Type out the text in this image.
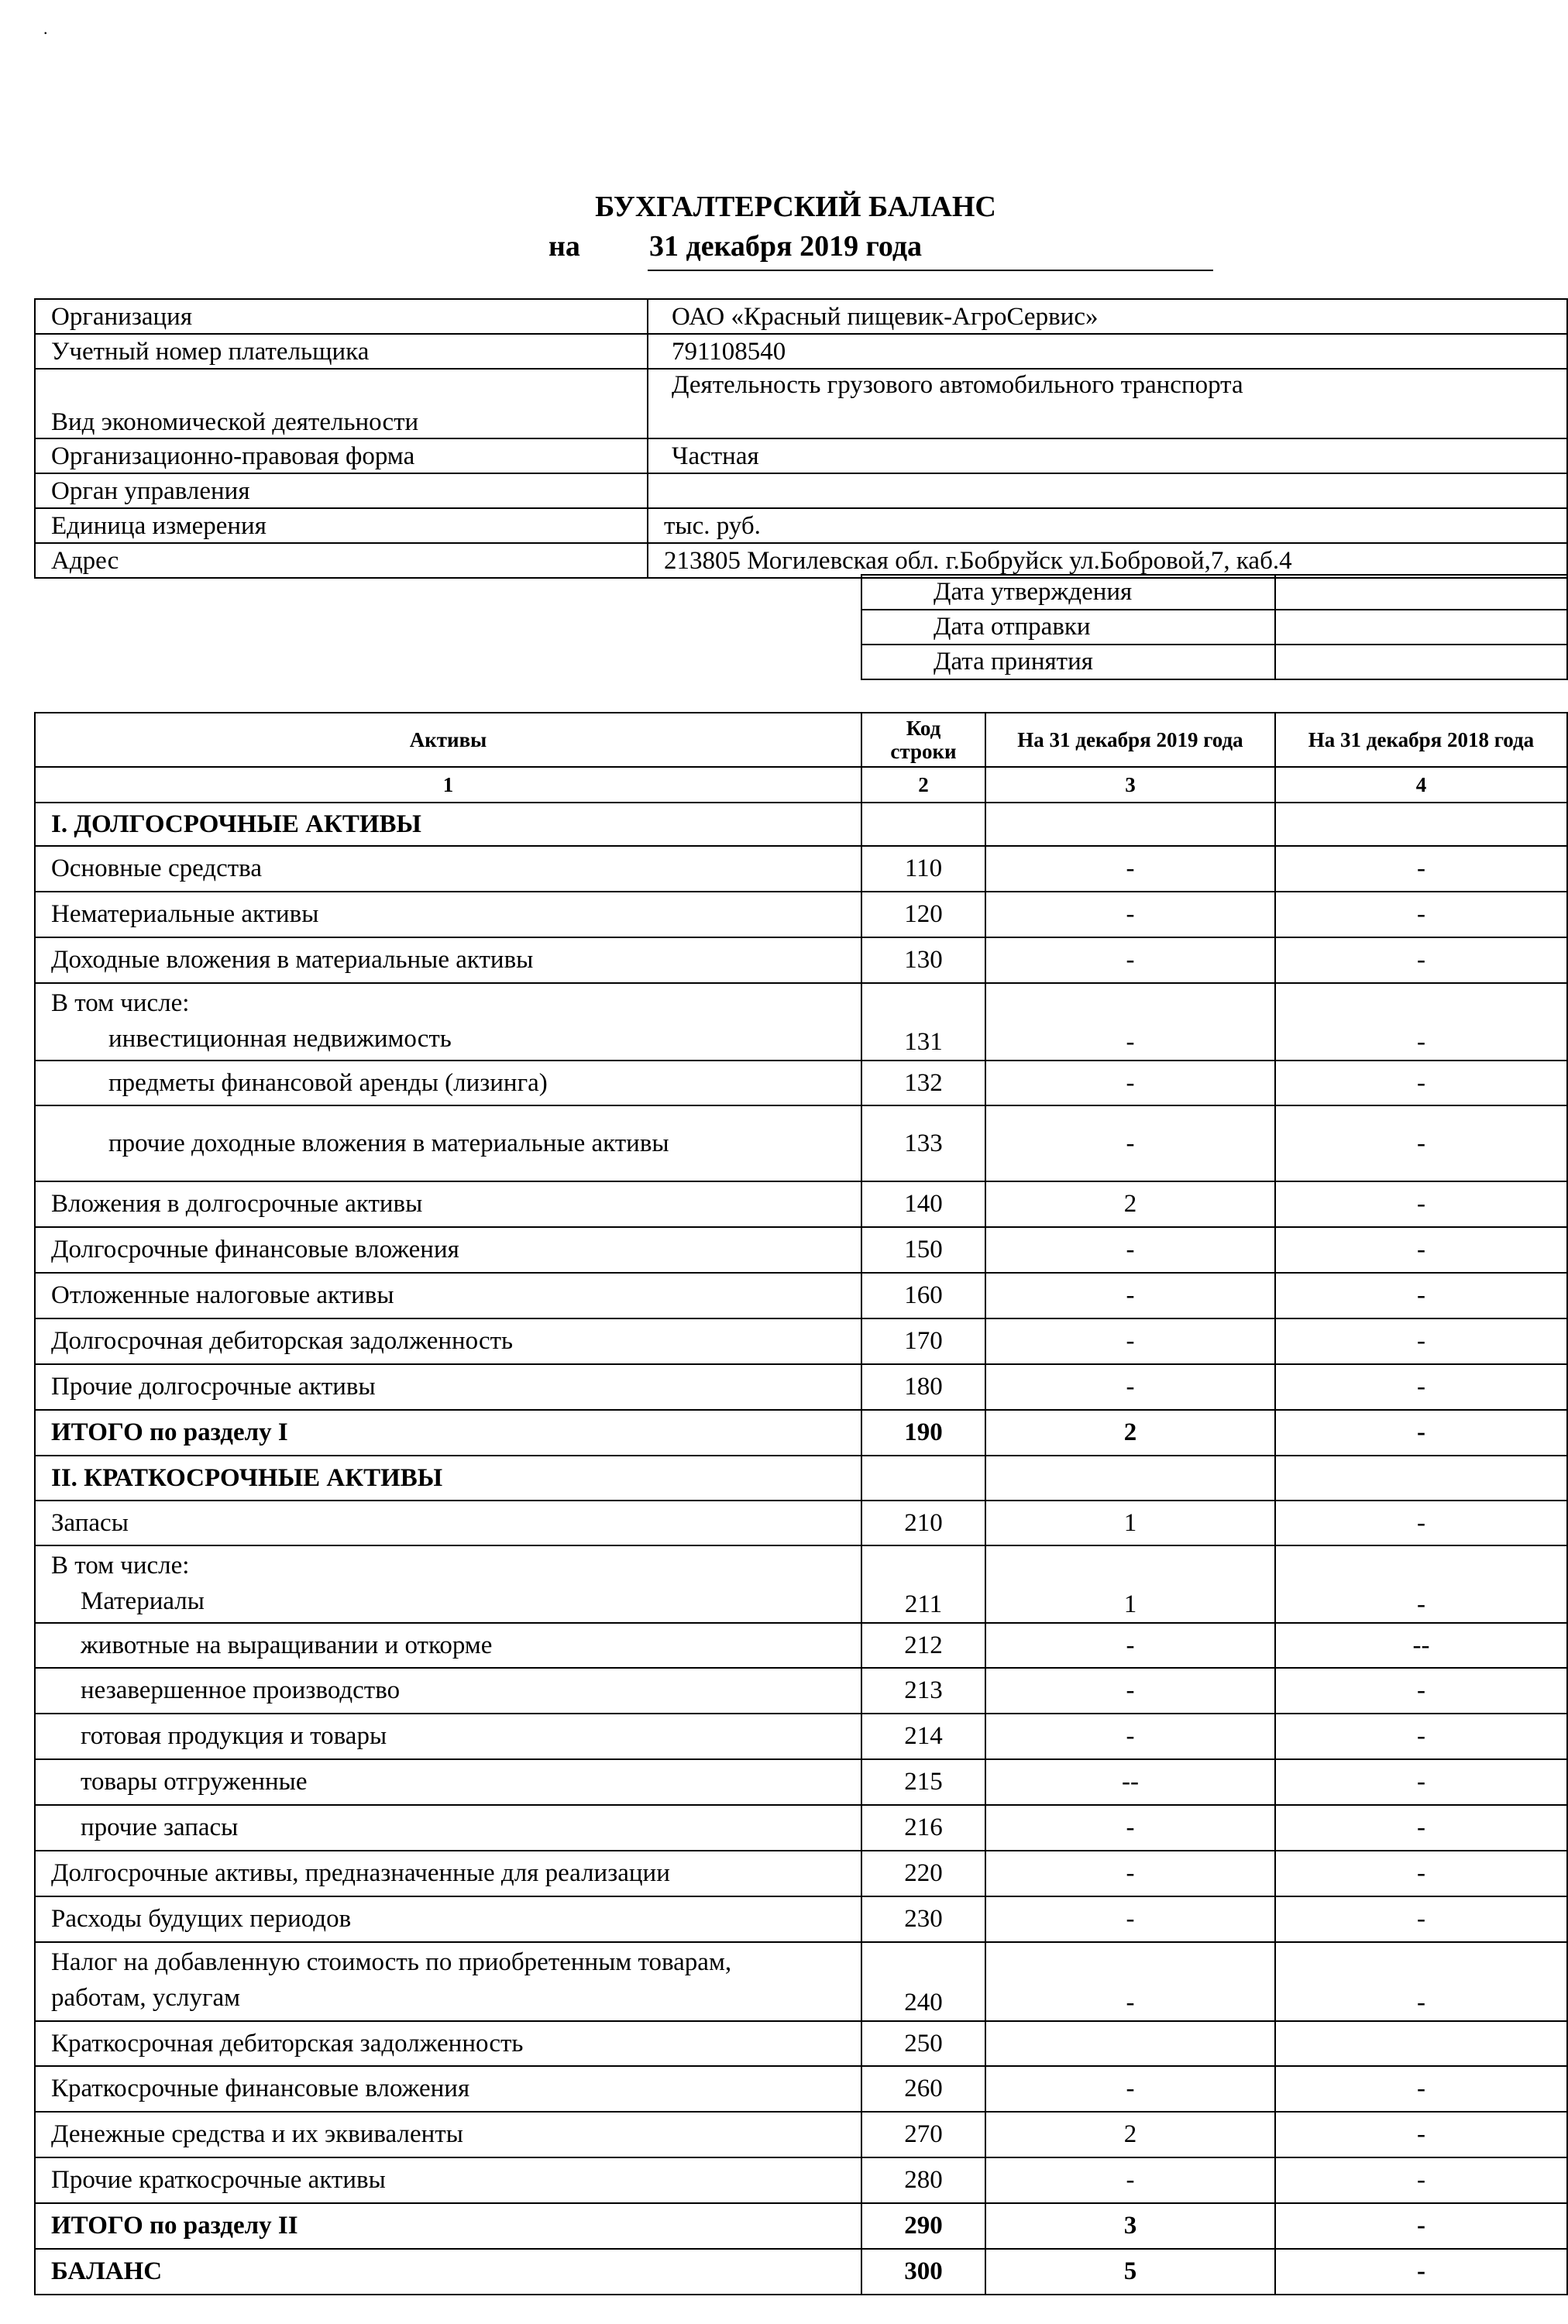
.
БУХГАЛТЕРСКИЙ БАЛАНС
на 31 декабря 2019 года
Организация	ОАО «Красный пищевик-АгроСервис»
Учетный номер плательщика	791108540
Вид экономической деятельности	Деятельность грузового автомобильного транспорта
Организационно-правовая форма	Частная
Орган управления	
Единица измерения	тыс. руб.
Адрес	213805 Могилевская обл. г.Бобруйск ул.Бобровой,7, каб.4
Дата утверждения	
Дата отправки	
Дата принятия	
Активы	Код строки	На 31 декабря 2019 года	На 31 декабря 2018 года
1	2	3	4
I. ДОЛГОСРОЧНЫЕ АКТИВЫ			
Основные средства	110	-	-
Нематериальные активы	120	-	-
Доходные вложения в материальные активы	130	-	-

В том числе:
инвестиционная недвижимость	131	-	-
предметы финансовой аренды (лизинга)	132	-	-
прочие доходные вложения в материальные активы	133	-	-
Вложения в долгосрочные активы	140	2	-
Долгосрочные финансовые вложения	150	-	-
Отложенные налоговые активы	160	-	-
Долгосрочная дебиторская задолженность	170	-	-
Прочие долгосрочные активы	180	-	-
ИТОГО по разделу I	190	2	-
II. КРАТКОСРОЧНЫЕ АКТИВЫ			
Запасы	210	1	-

В том числе:
Материалы	211	1	-
животные на выращивании и откорме	212	-	--
незавершенное производство	213	-	-
готовая продукция и товары	214	-	-
товары отгруженные	215	--	-
прочие запасы	216	-	-
Долгосрочные активы, предназначенные для реализации	220	-	-
Расходы будущих периодов	230	-	-

Налог на добавленную стоимость по приобретенным товарам,
работам, услугам	240	-	-
Краткосрочная дебиторская задолженность	250		
Краткосрочные финансовые вложения	260	-	-
Денежные средства и их эквиваленты	270	2	-
Прочие краткосрочные активы	280	-	-
ИТОГО по разделу II	290	3	-
БАЛАНС	300	5	-
